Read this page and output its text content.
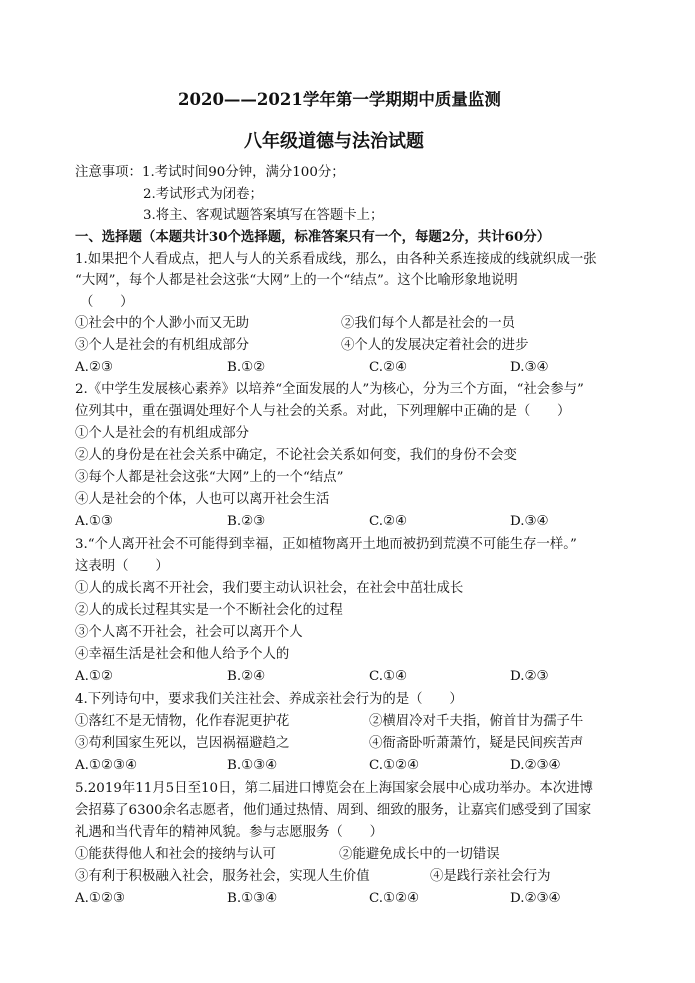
2020——2021学年第一学期期中质量监测
八年级道德与法治试题
注意事项：1.考试时间90分钟，满分100分；
2.考试形式为闭卷；
3.将主、客观试题答案填写在答题卡上；
一、选择题（本题共计30个选择题，标准答案只有一个，每题2分，共计60分）
1.如果把个人看成点，把人与人的关系看成线，那么，由各种关系连接成的线就织成一张
“大网”，每个人都是社会这张“大网”上的一个“结点”。这个比喻形象地说明
（　　）
①社会中的个人渺小而又无助	②我们每个人都是社会的一员
③个人是社会的有机组成部分	④个人的发展决定着社会的进步
A.②③	B.①②	C.②④	D.③④
2.《中学生发展核心素养》以培养“全面发展的人”为核心，分为三个方面，“社会参与”
位列其中，重在强调处理好个人与社会的关系。对此，下列理解中正确的是（　　）
①个人是社会的有机组成部分
②人的身份是在社会关系中确定，不论社会关系如何变，我们的身份不会变
③每个人都是社会这张“大网”上的一个“结点”
④人是社会的个体，人也可以离开社会生活
A.①③	B.②③	C.②④	D.③④
3.“个人离开社会不可能得到幸福，正如植物离开土地而被扔到荒漠不可能生存一样。”
这表明（　　）
①人的成长离不开社会，我们要主动认识社会，在社会中茁壮成长
②人的成长过程其实是一个不断社会化的过程
③个人离不开社会，社会可以离开个人
④幸福生活是社会和他人给予个人的
A.①②	B.②④	C.①④	D.②③
4.下列诗句中，要求我们关注社会、养成亲社会行为的是（　　）
①落红不是无情物，化作春泥更护花	②横眉冷对千夫指，俯首甘为孺子牛
③苟利国家生死以，岂因祸福避趋之	④衙斋卧听萧萧竹，疑是民间疾苦声
A.①②③④	B.①③④	C.①②④	D.②③④
5.2019年11月5日至10日，第二届进口博览会在上海国家会展中心成功举办。本次进博
会招募了6300余名志愿者，他们通过热情、周到、细致的服务，让嘉宾们感受到了国家
礼遇和当代青年的精神风貌。参与志愿服务（　　）
①能获得他人和社会的接纳与认可	②能避免成长中的一切错误
③有利于积极融入社会，服务社会，实现人生价值	④是践行亲社会行为
A.①②③	B.①③④	C.①②④	D.②③④
